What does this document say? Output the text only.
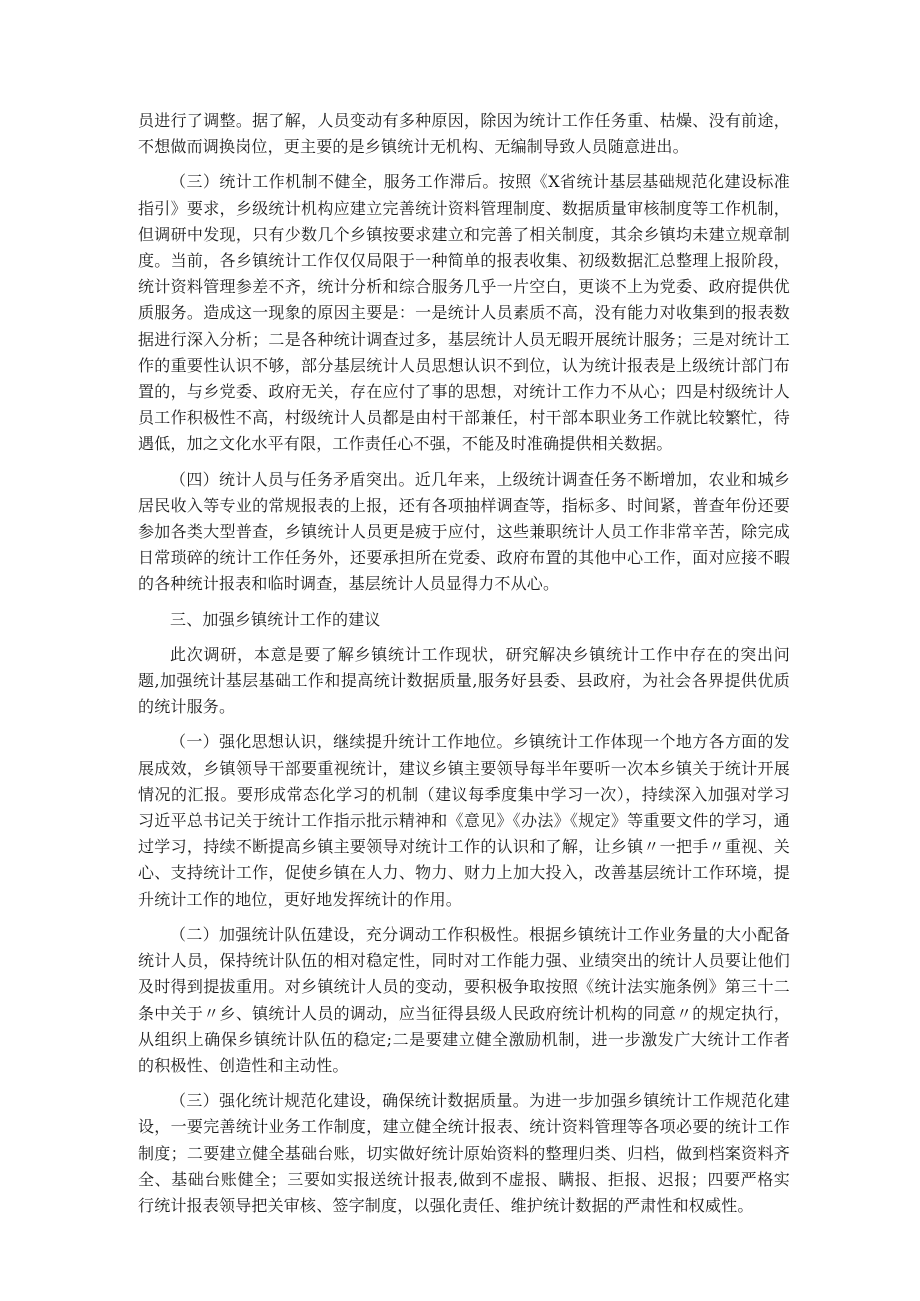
员进行了调整。据了解，人员变动有多种原因，除因为统计工作任务重、枯燥、没有前途，不想做而调换岗位，更主要的是乡镇统计无机构、无编制导致人员随意进出。

（三）统计工作机制不健全，服务工作滞后。按照《X省统计基层基础规范化建设标准指引》要求，乡级统计机构应建立完善统计资料管理制度、数据质量审核制度等工作机制，但调研中发现，只有少数几个乡镇按要求建立和完善了相关制度，其余乡镇均未建立规章制度。当前，各乡镇统计工作仅仅局限于一种简单的报表收集、初级数据汇总整理上报阶段，统计资料管理参差不齐，统计分析和综合服务几乎一片空白，更谈不上为党委、政府提供优质服务。造成这一现象的原因主要是：一是统计人员素质不高，没有能力对收集到的报表数据进行深入分析；二是各种统计调查过多，基层统计人员无暇开展统计服务；三是对统计工作的重要性认识不够，部分基层统计人员思想认识不到位，认为统计报表是上级统计部门布置的，与乡党委、政府无关，存在应付了事的思想，对统计工作力不从心；四是村级统计人员工作积极性不高，村级统计人员都是由村干部兼任，村干部本职业务工作就比较繁忙，待遇低，加之文化水平有限，工作责任心不强，不能及时准确提供相关数据。

（四）统计人员与任务矛盾突出。近几年来，上级统计调查任务不断增加，农业和城乡居民收入等专业的常规报表的上报，还有各项抽样调查等，指标多、时间紧，普查年份还要参加各类大型普查，乡镇统计人员更是疲于应付，这些兼职统计人员工作非常辛苦，除完成日常琐碎的统计工作任务外，还要承担所在党委、政府布置的其他中心工作，面对应接不暇的各种统计报表和临时调查，基层统计人员显得力不从心。

三、加强乡镇统计工作的建议

此次调研，本意是要了解乡镇统计工作现状，研究解决乡镇统计工作中存在的突出问题,加强统计基层基础工作和提高统计数据质量,服务好县委、县政府，为社会各界提供优质的统计服务。

（一）强化思想认识，继续提升统计工作地位。乡镇统计工作体现一个地方各方面的发展成效，乡镇领导干部要重视统计，建议乡镇主要领导每半年要听一次本乡镇关于统计开展情况的汇报。要形成常态化学习的机制（建议每季度集中学习一次），持续深入加强对学习习近平总书记关于统计工作指示批示精神和《意见》《办法》《规定》等重要文件的学习，通过学习，持续不断提高乡镇主要领导对统计工作的认识和了解，让乡镇〃一把手〃重视、关心、支持统计工作，促使乡镇在人力、物力、财力上加大投入，改善基层统计工作环境，提升统计工作的地位，更好地发挥统计的作用。

（二）加强统计队伍建设，充分调动工作积极性。根据乡镇统计工作业务量的大小配备统计人员，保持统计队伍的相对稳定性，同时对工作能力强、业绩突出的统计人员要让他们及时得到提拔重用。对乡镇统计人员的变动，要积极争取按照《统计法实施条例》第三十二条中关于〃乡、镇统计人员的调动，应当征得县级人民政府统计机构的同意〃的规定执行，从组织上确保乡镇统计队伍的稳定;二是要建立健全激励机制，进一步激发广大统计工作者的积极性、创造性和主动性。

（三）强化统计规范化建设，确保统计数据质量。为进一步加强乡镇统计工作规范化建设，一要完善统计业务工作制度，建立健全统计报表、统计资料管理等各项必要的统计工作制度；二要建立健全基础台账，切实做好统计原始资料的整理归类、归档，做到档案资料齐全、基础台账健全；三要如实报送统计报表,做到不虚报、瞒报、拒报、迟报；四要严格实行统计报表领导把关审核、签字制度，以强化责任、维护统计数据的严肃性和权威性。
